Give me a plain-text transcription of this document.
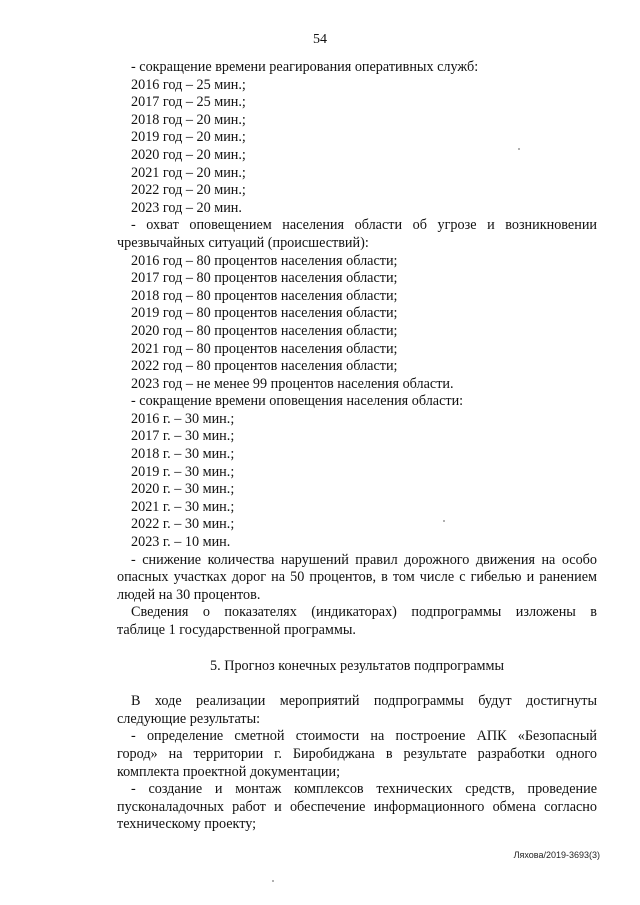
54
- сокращение времени реагирования оперативных служб:
2016 год – 25 мин.;
2017 год – 25 мин.;
2018 год – 20 мин.;
2019 год – 20 мин.;
2020 год – 20 мин.;
2021 год – 20 мин.;
2022 год – 20 мин.;
2023 год – 20 мин.
- охват оповещением населения области об угрозе и возникновении
чрезвычайных ситуаций (происшествий):
2016 год – 80 процентов населения области;
2017 год – 80 процентов населения области;
2018 год – 80 процентов населения области;
2019 год – 80 процентов населения области;
2020 год – 80 процентов населения области;
2021 год – 80 процентов населения области;
2022 год – 80 процентов населения области;
2023 год – не менее 99 процентов населения области.
- сокращение времени оповещения населения области:
2016 г. – 30 мин.;
2017 г. – 30 мин.;
2018 г. – 30 мин.;
2019 г. – 30 мин.;
2020 г. – 30 мин.;
2021 г. – 30 мин.;
2022 г. – 30 мин.;
2023 г. – 10 мин.
- снижение количества нарушений правил дорожного движения на особо
опасных участках дорог на 50 процентов, в том числе с гибелью и ранением
людей на 30 процентов.
Сведения о показателях (индикаторах) подпрограммы изложены в
таблице 1 государственной программы.
5. Прогноз конечных результатов подпрограммы
В ходе реализации мероприятий подпрограммы будут достигнуты
следующие результаты:
- определение сметной стоимости на построение АПК «Безопасный
город» на территории г. Биробиджана в результате разработки одного
комплекта проектной документации;
- создание и монтаж комплексов технических средств, проведение
пусконаладочных работ и обеспечение информационного обмена согласно
техническому проекту;
Ляхова/2019-3693(3)
